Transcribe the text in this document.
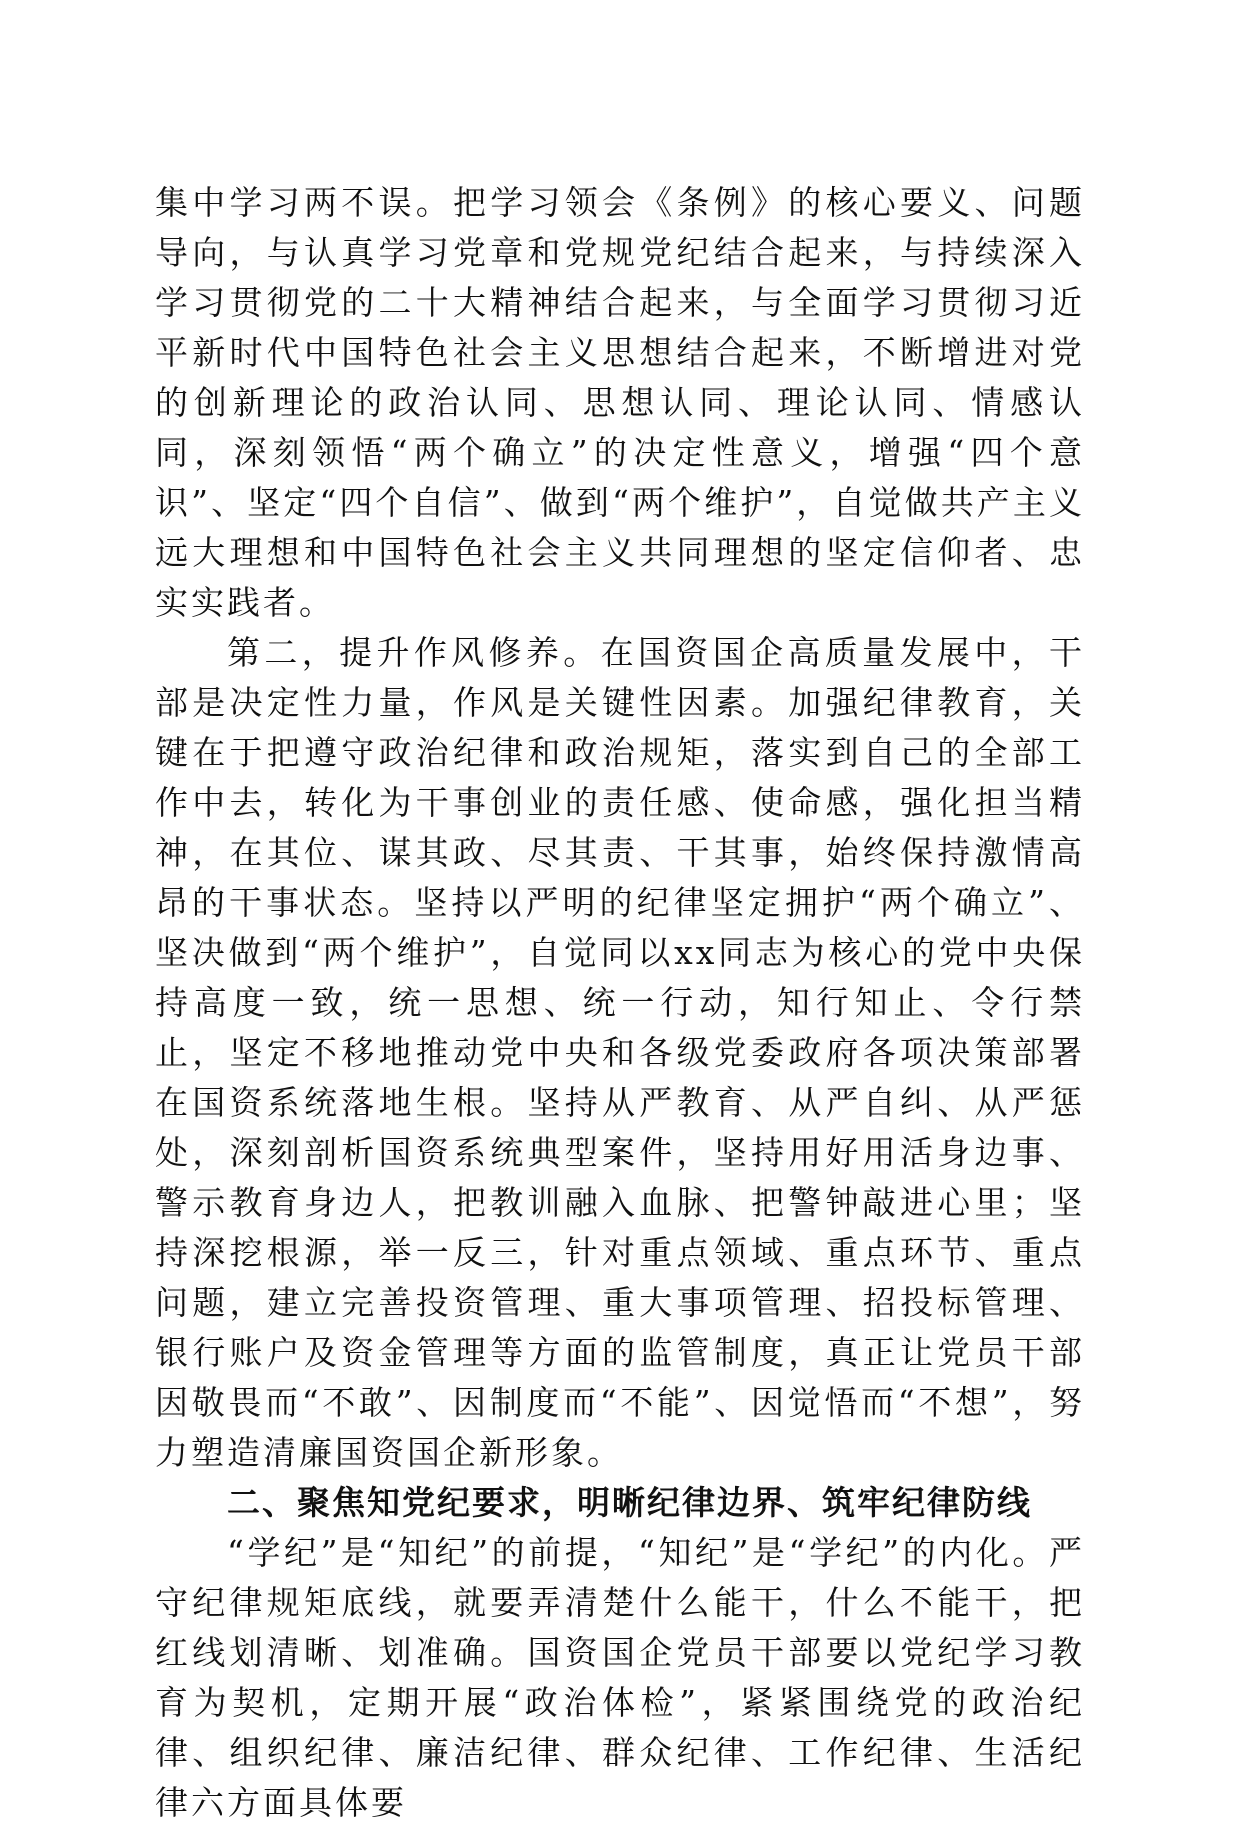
集中学习两不误。把学习领会《条例》的核心要义、问题导向，与认真学习党章和党规党纪结合起来，与持续深入学习贯彻党的二十大精神结合起来，与全面学习贯彻习近平新时代中国特色社会主义思想结合起来，不断增进对党的创新理论的政治认同、思想认同、理论认同、情感认同，深刻领悟“两个确立”的决定性意义，增强“四个意识”、坚定“四个自信”、做到“两个维护”，自觉做共产主义远大理想和中国特色社会主义共同理想的坚定信仰者、忠实实践者。

第二，提升作风修养。在国资国企高质量发展中，干部是决定性力量，作风是关键性因素。加强纪律教育，关键在于把遵守政治纪律和政治规矩，落实到自己的全部工作中去，转化为干事创业的责任感、使命感，强化担当精神，在其位、谋其政、尽其责、干其事，始终保持激情高昂的干事状态。坚持以严明的纪律坚定拥护“两个确立”、坚决做到“两个维护”，自觉同以xx同志为核心的党中央保持高度一致，统一思想、统一行动，知行知止、令行禁止，坚定不移地推动党中央和各级党委政府各项决策部署在国资系统落地生根。坚持从严教育、从严自纠、从严惩处，深刻剖析国资系统典型案件，坚持用好用活身边事、警示教育身边人，把教训融入血脉、把警钟敲进心里；坚持深挖根源，举一反三，针对重点领域、重点环节、重点问题，建立完善投资管理、重大事项管理、招投标管理、银行账户及资金管理等方面的监管制度，真正让党员干部因敬畏而“不敢”、因制度而“不能”、因觉悟而“不想”，努力塑造清廉国资国企新形象。

二、聚焦知党纪要求，明晰纪律边界、筑牢纪律防线

“学纪”是“知纪”的前提，“知纪”是“学纪”的内化。严守纪律规矩底线，就要弄清楚什么能干，什么不能干，把红线划清晰、划准确。国资国企党员干部要以党纪学习教育为契机，定期开展“政治体检”，紧紧围绕党的政治纪律、组织纪律、廉洁纪律、群众纪律、工作纪律、生活纪律六方面具体要
